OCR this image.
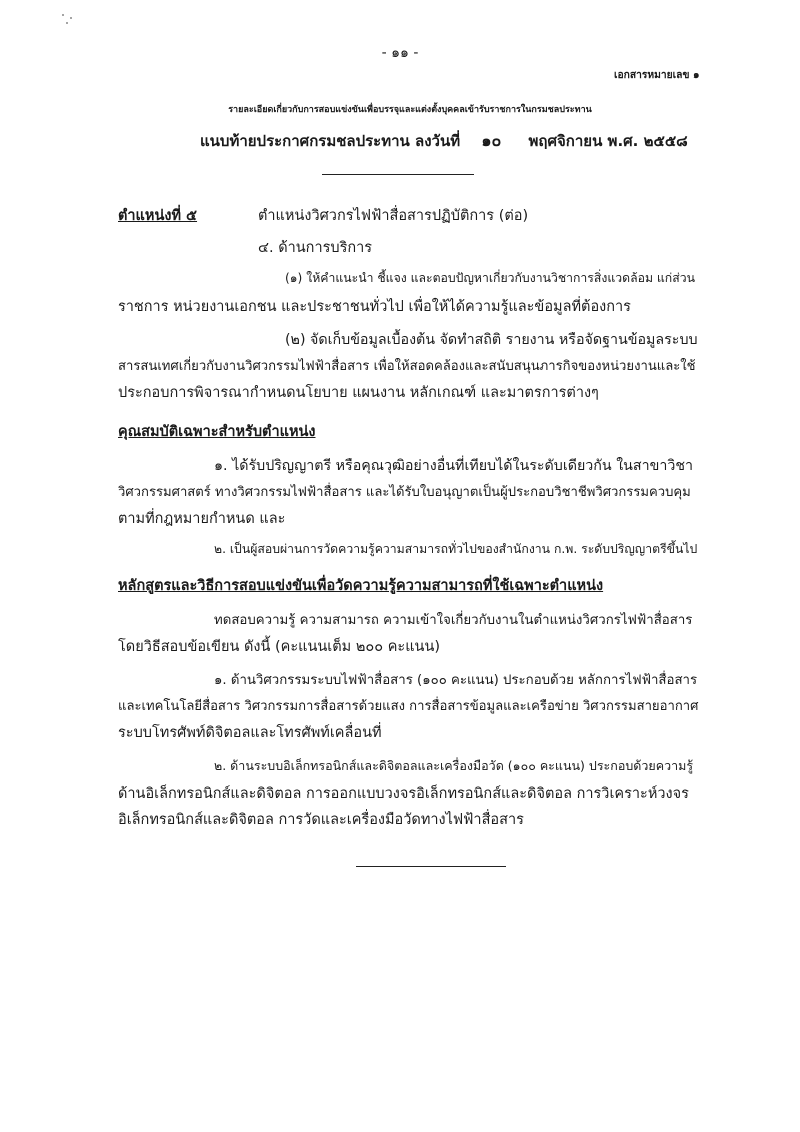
- ๑๑ -
เอกสารหมายเลข ๑
รายละเอียดเกี่ยวกับการสอบแข่งขันเพื่อบรรจุและแต่งตั้งบุคคลเข้ารับราชการในกรมชลประทาน
แนบท้ายประกาศกรมชลประทาน ลงวันที่ ๑๐ พฤศจิกายน พ.ศ. ๒๕๕๘
ตำแหน่งที่ ๕	ตำแหน่งวิศวกรไฟฟ้าสื่อสารปฏิบัติการ (ต่อ)
๔. ด้านการบริการ
(๑) ให้คำแนะนำ ชี้แจง และตอบปัญหาเกี่ยวกับงานวิชาการสิ่งแวดล้อม แก่ส่วน
ราชการ หน่วยงานเอกชน และประชาชนทั่วไป เพื่อให้ได้ความรู้และข้อมูลที่ต้องการ
(๒) จัดเก็บข้อมูลเบื้องต้น จัดทำสถิติ รายงาน หรือจัดฐานข้อมูลระบบ
สารสนเทศเกี่ยวกับงานวิศวกรรมไฟฟ้าสื่อสาร เพื่อให้สอดคล้องและสนับสนุนภารกิจของหน่วยงานและใช้
ประกอบการพิจารณากำหนดนโยบาย แผนงาน หลักเกณฑ์ และมาตรการต่างๆ
คุณสมบัติเฉพาะสำหรับตำแหน่ง
๑. ได้รับปริญญาตรี หรือคุณวุฒิอย่างอื่นที่เทียบได้ในระดับเดียวกัน ในสาขาวิชา
วิศวกรรมศาสตร์ ทางวิศวกรรมไฟฟ้าสื่อสาร และได้รับใบอนุญาตเป็นผู้ประกอบวิชาชีพวิศวกรรมควบคุม
ตามที่กฎหมายกำหนด และ
๒. เป็นผู้สอบผ่านการวัดความรู้ความสามารถทั่วไปของสำนักงาน ก.พ. ระดับปริญญาตรีขึ้นไป
หลักสูตรและวิธีการสอบแข่งขันเพื่อวัดความรู้ความสามารถที่ใช้เฉพาะตำแหน่ง
ทดสอบความรู้ ความสามารถ ความเข้าใจเกี่ยวกับงานในตำแหน่งวิศวกรไฟฟ้าสื่อสาร
โดยวิธีสอบข้อเขียน ดังนี้ (คะแนนเต็ม ๒๐๐ คะแนน)
๑. ด้านวิศวกรรมระบบไฟฟ้าสื่อสาร (๑๐๐ คะแนน) ประกอบด้วย หลักการไฟฟ้าสื่อสาร
และเทคโนโลยีสื่อสาร วิศวกรรมการสื่อสารด้วยแสง การสื่อสารข้อมูลและเครือข่าย วิศวกรรมสายอากาศ
ระบบโทรศัพท์ดิจิตอลและโทรศัพท์เคลื่อนที่
๒. ด้านระบบอิเล็กทรอนิกส์และดิจิตอลและเครื่องมือวัด (๑๐๐ คะแนน) ประกอบด้วยความรู้
ด้านอิเล็กทรอนิกส์และดิจิตอล การออกแบบวงจรอิเล็กทรอนิกส์และดิจิตอล การวิเคราะห์วงจร
อิเล็กทรอนิกส์และดิจิตอล การวัดและเครื่องมือวัดทางไฟฟ้าสื่อสาร
